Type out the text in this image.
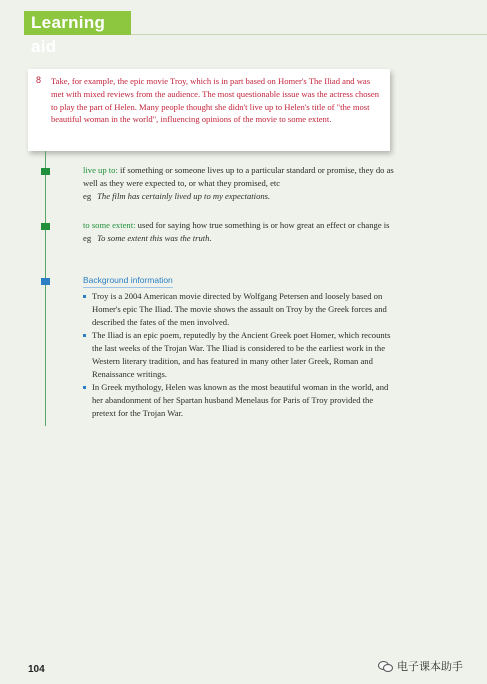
Learning aid
8 Take, for example, the epic movie Troy, which is in part based on Homer's The Iliad and was met with mixed reviews from the audience. The most questionable issue was the actress chosen to play the part of Helen. Many people thought she didn't live up to Helen's title of "the most beautiful woman in the world", influencing opinions of the movie to some extent.

live up to: if something or someone lives up to a particular standard or promise, they do as well as they were expected to, or what they promised, etc

eg The film has certainly lived up to my expectations.

to some extent: used for saying how true something is or how great an effect or change is

eg To some extent this was the truth.

Background information
Troy is a 2004 American movie directed by Wolfgang Petersen and loosely based on Homer's epic The Iliad. The movie shows the assault on Troy by the Greek forces and described the fates of the men involved.
The Iliad is an epic poem, reputedly by the Ancient Greek poet Homer, which recounts the last weeks of the Trojan War. The Iliad is considered to be the earliest work in the Western literary tradition, and has featured in many other later Greek, Roman and Renaissance writings.
In Greek mythology, Helen was known as the most beautiful woman in the world, and her abandonment of her Spartan husband Menelaus for Paris of Troy provided the pretext for the Trojan War.
104	电子课本助手
